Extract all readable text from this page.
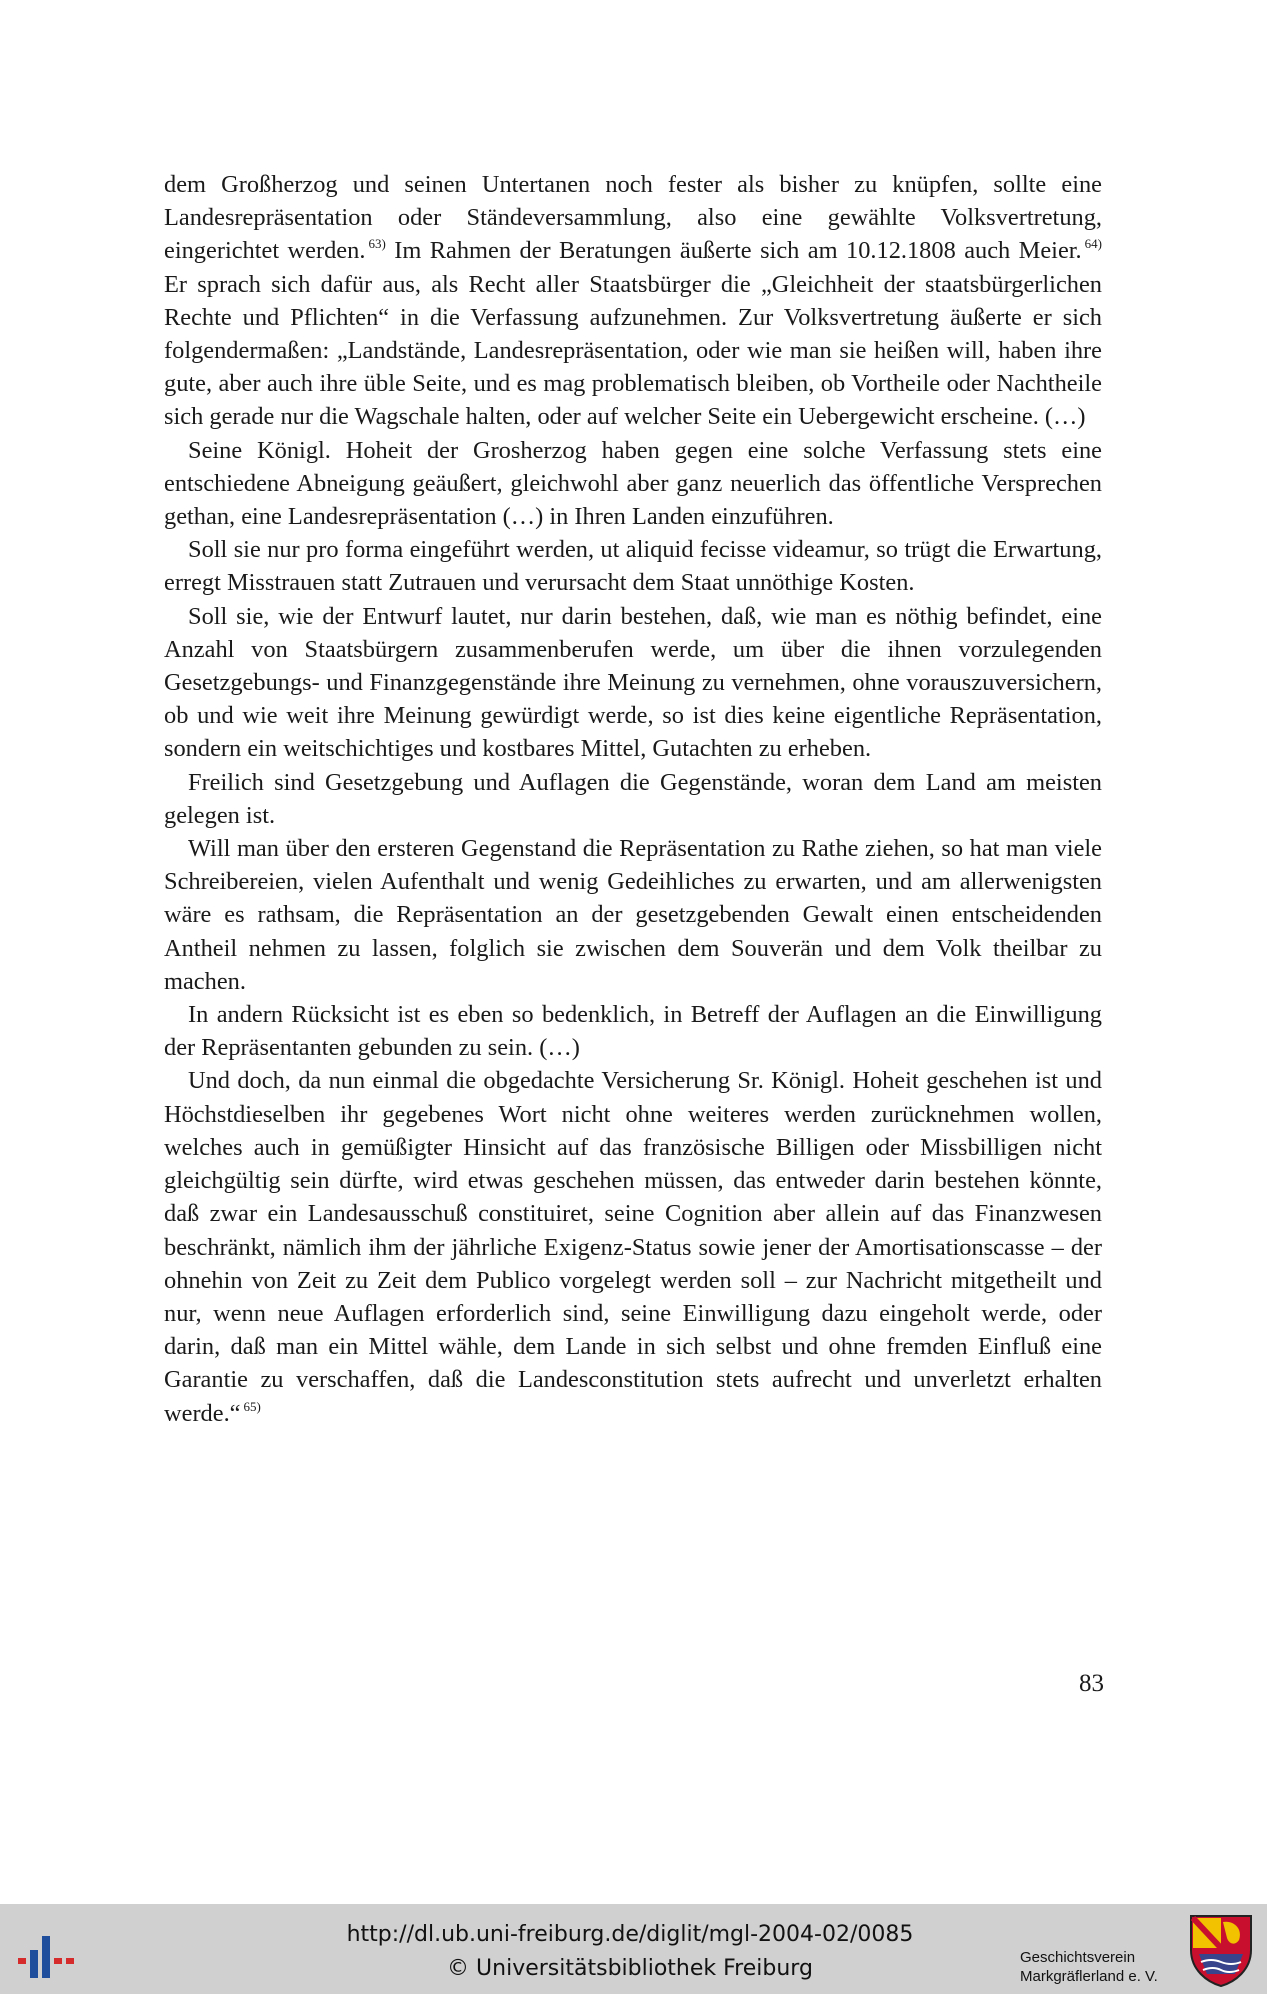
dem Großherzog und seinen Untertanen noch fester als bisher zu knüpfen, sollte eine Landesrepräsentation oder Ständeversammlung, also eine gewählte Volksvertretung, eingerichtet werden. $^{63)}$ Im Rahmen der Beratungen äußerte sich am 10.12.1808 auch Meier. $^{64)}$ Er sprach sich dafür aus, als Recht aller Staatsbürger die „Gleichheit der staatsbürgerlichen Rechte und Pflichten“ in die Verfassung aufzunehmen. Zur Volksvertretung äußerte er sich folgendermaßen: „Landstände, Landesrepräsentation, oder wie man sie heißen will, haben ihre gute, aber auch ihre üble Seite, und es mag problematisch bleiben, ob Vortheile oder Nachtheile sich gerade nur die Wagschale halten, oder auf welcher Seite ein Uebergewicht erscheine. (…)

Seine Königl. Hoheit der Grosherzog haben gegen eine solche Verfassung stets eine entschiedene Abneigung geäußert, gleichwohl aber ganz neuerlich das öffentliche Versprechen gethan, eine Landesrepräsentation (…) in Ihren Landen einzuführen.

Soll sie nur pro forma eingeführt werden, ut aliquid fecisse videamur, so trügt die Erwartung, erregt Misstrauen statt Zutrauen und verursacht dem Staat unnöthige Kosten.

Soll sie, wie der Entwurf lautet, nur darin bestehen, daß, wie man es nöthig befindet, eine Anzahl von Staatsbürgern zusammenberufen werde, um über die ihnen vorzulegenden Gesetzgebungs- und Finanzgegenstände ihre Meinung zu vernehmen, ohne vorauszuversichern, ob und wie weit ihre Meinung gewürdigt werde, so ist dies keine eigentliche Repräsentation, sondern ein weitschichtiges und kostbares Mittel, Gutachten zu erheben.

Freilich sind Gesetzgebung und Auflagen die Gegenstände, woran dem Land am meisten gelegen ist.

Will man über den ersteren Gegenstand die Repräsentation zu Rathe ziehen, so hat man viele Schreibereien, vielen Aufenthalt und wenig Gedeihliches zu erwarten, und am allerwenigsten wäre es rathsam, die Repräsentation an der gesetzgebenden Gewalt einen entscheidenden Antheil nehmen zu lassen, folglich sie zwischen dem Souverän und dem Volk theilbar zu machen.

In andern Rücksicht ist es eben so bedenklich, in Betreff der Auflagen an die Einwilligung der Repräsentanten gebunden zu sein. (…)

Und doch, da nun einmal die obgedachte Versicherung Sr. Königl. Hoheit geschehen ist und Höchstdieselben ihr gegebenes Wort nicht ohne weiteres werden zurücknehmen wollen, welches auch in gemüßigter Hinsicht auf das französische Billigen oder Missbilligen nicht gleichgültig sein dürfte, wird etwas geschehen müssen, das entweder darin bestehen könnte, daß zwar ein Landesausschuß constituiret, seine Cognition aber allein auf das Finanzwesen beschränkt, nämlich ihm der jährliche Exigenz-Status sowie jener der Amortisationscasse – der ohnehin von Zeit zu Zeit dem Publico vorgelegt werden soll – zur Nachricht mitgetheilt und nur, wenn neue Auflagen erforderlich sind, seine Einwilligung dazu eingeholt werde, oder darin, daß man ein Mittel wähle, dem Lande in sich selbst und ohne fremden Einfluß eine Garantie zu verschaffen, daß die Landesconstitution stets aufrecht und unverletzt erhalten werde.“ $^{65)}$

83
http://dl.ub.uni-freiburg.de/diglit/mgl-2004-02/0085
© Universitätsbibliothek Freiburg	Geschichtsverein
Markgräflerland e. V.
